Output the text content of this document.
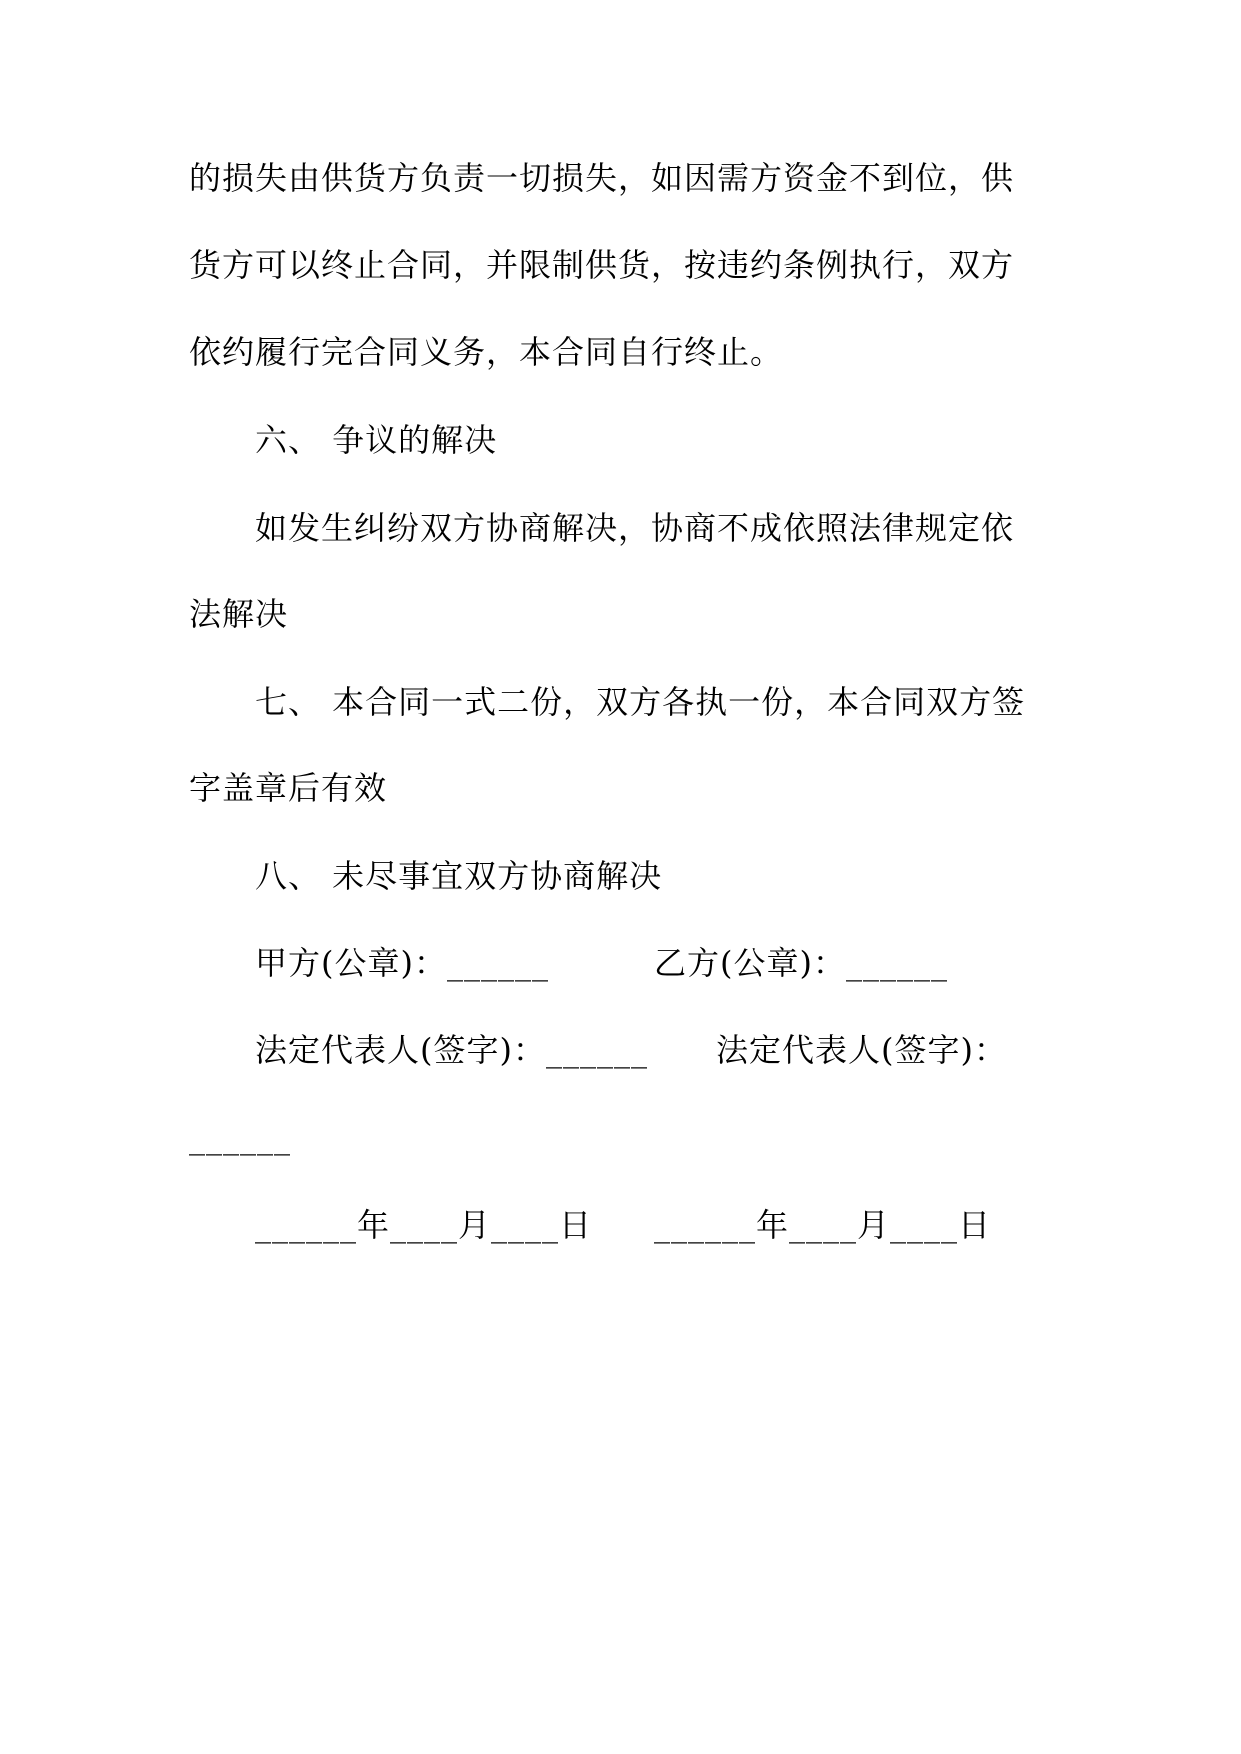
的损失由供货方负责一切损失，如因需方资金不到位，供
货方可以终止合同，并限制供货，按违约条例执行，双方
依约履行完合同义务，本合同自行终止。
六、 争议的解决
如发生纠纷双方协商解决，协商不成依照法律规定依
法解决
七、 本合同一式二份，双方各执一份，本合同双方签
字盖章后有效
八、 未尽事宜双方协商解决
甲方(公章)：______	乙方(公章)：______
法定代表人(签字)：______ 法定代表人(签字)：
______
______年____月____日 ______年____月____日
